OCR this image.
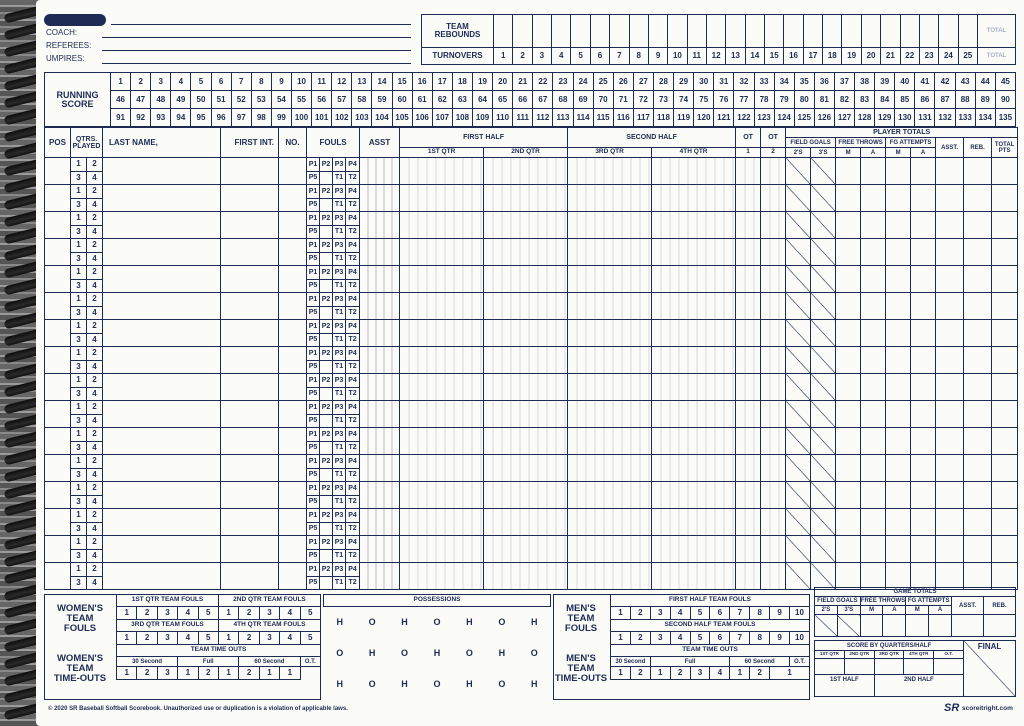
COACH:
REFEREES:
UMPIRES:
TEAM
REBOUNDS																										TOTAL
TURNOVERS	1	2	3	4	5	6	7	8	9	10	11	12	13	14	15	16	17	18	19	20	21	22	23	24	25	TOTAL
RUNNING
SCORE	1	2	3	4	5	6	7	8	9	10	11	12	13	14	15	16	17	18	19	20	21	22	23	24	25	26	27	28	29	30	31	32	33	34	35	36	37	38	39	40	41	42	43	44	45
	46	47	48	49	50	51	52	53	54	55	56	57	58	59	60	61	62	63	64	65	66	67	68	69	70	71	72	73	74	75	76	77	78	79	80	81	82	83	84	85	86	87	88	89	90
	91	92	93	94	95	96	97	98	99	100	101	102	103	104	105	106	107	108	109	110	111	112	113	114	115	116	117	118	119	120	121	122	123	124	125	126	127	128	129	130	131	132	133	134	135
POS	QTRS.
PLAYED		LAST NAME,	FIRST INT.	NO.	FOULS				ASST	FIRST HALF		SECOND HALF		OT	OT	PLAYER TOTALS								
																	FIELD GOALS		FREE THROWS		FG ATTEMPTS		ASST.	REB.	TOTAL
PTS
											1ST QTR	2ND QTR	3RD QTR	4TH QTR	1	2	2'S	3'S	M	A	M	A			
	1	2				P1	P2	P3	P4																
	3	4				P5		T1	T2																
	1	2				P1	P2	P3	P4																
	3	4				P5		T1	T2																
	1	2				P1	P2	P3	P4																
	3	4				P5		T1	T2																
	1	2				P1	P2	P3	P4																
	3	4				P5		T1	T2																
	1	2				P1	P2	P3	P4																
	3	4				P5		T1	T2																
	1	2				P1	P2	P3	P4																
	3	4				P5		T1	T2																
	1	2				P1	P2	P3	P4																
	3	4				P5		T1	T2																
	1	2				P1	P2	P3	P4																
	3	4				P5		T1	T2																
	1	2				P1	P2	P3	P4																
	3	4				P5		T1	T2																
	1	2				P1	P2	P3	P4																
	3	4				P5		T1	T2																
	1	2				P1	P2	P3	P4																
	3	4				P5		T1	T2																
	1	2				P1	P2	P3	P4																
	3	4				P5		T1	T2																
	1	2				P1	P2	P3	P4																
	3	4				P5		T1	T2																
	1	2				P1	P2	P3	P4																
	3	4				P5		T1	T2																
	1	2				P1	P2	P3	P4																
	3	4				P5		T1	T2																
	1	2				P1	P2	P3	P4																
	3	4				P5		T1	T2																
WOMEN'S
TEAM
FOULS
WOMEN'S
TEAM
TIME-OUTS
1ST QTR TEAM FOULS					2ND QTR TEAM FOULS				
1	2	3	4	5	1	2	3	4	5
3RD QTR TEAM FOULS					4TH QTR TEAM FOULS				
1	2	3	4	5	1	2	3	4	5
TEAM TIME OUTS									
30 Second			Full			60 Second			O.T.
1	2	3	1	2	1	2	1	1	
POSSESSIONS						
H	O	H	O	H	O	H
O	H	O	H	O	H	O
H	O	H	O	H	O	H
MEN'S
TEAM
FOULS
MEN'S
TEAM
TIME-OUTS
FIRST HALF TEAM FOULS									
1	2	3	4	5	6	7	8	9	10
SECOND HALF TEAM FOULS									
1	2	3	4	5	6	7	8	9	10
TEAM TIME OUTS									
30 Second		Full				60 Second			O.T.
1	2	1	2	3	4	1	2	1	
GAME TOTALS							
FIELD GOALS		FREE THROWS		FG ATTEMPTS		ASST.	REB.
2'S	3'S	M	A	M	A		

SCORE BY QUARTERS/HALF					FINAL
1ST QTR	2ND QTR	3RD QTR	4TH QTR	O.T.	

1ST HALF		2ND HALF			
© 2020 SR Baseball Softball Scorebook. Unauthorized use or duplication is a violation of applicable laws.	SR scoreitright.com
